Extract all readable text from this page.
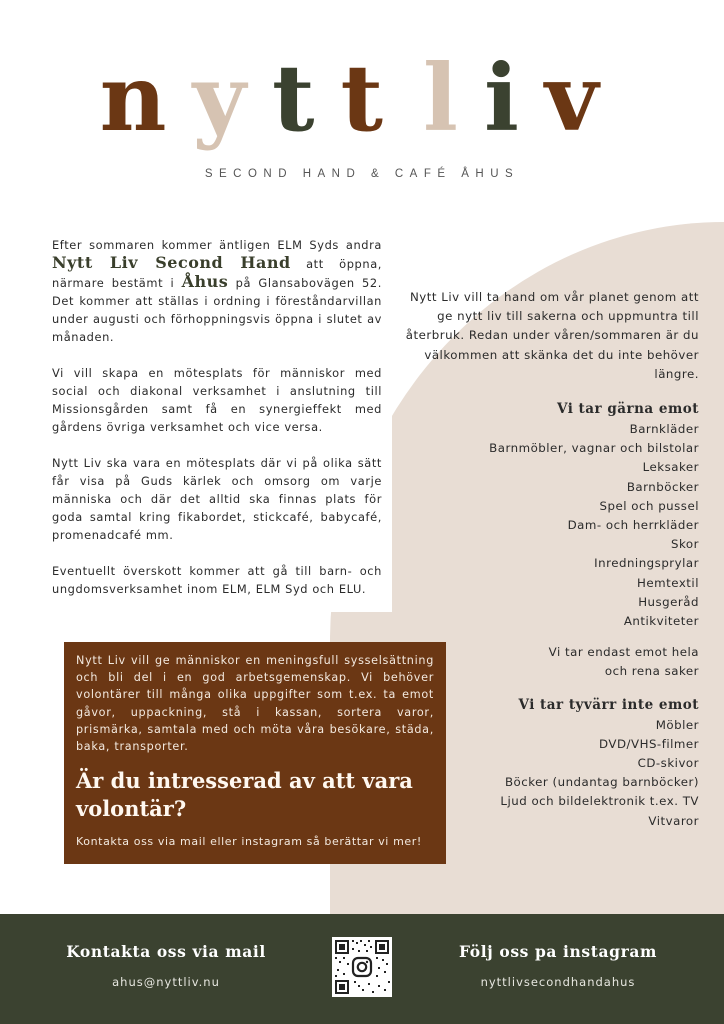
nytt liv
SECOND HAND & CAFÉ ÅHUS

Efter sommaren kommer äntligen ELM Syds andra Nytt Liv Second Hand att öppna, närmare bestämt i Åhus på Glansabovägen 52. Det kommer att ställas i ordning i föreståndarvillan under augusti och förhoppningsvis öppna i slutet av månaden.

Vi vill skapa en mötesplats för människor med social och diakonal verksamhet i anslutning till Missionsgården samt få en synergieffekt med gårdens övriga verksamhet och vice versa.

Nytt Liv ska vara en mötesplats där vi på olika sätt får visa på Guds kärlek och omsorg om varje människa och där det alltid ska finnas plats för goda samtal kring fikabordet, stickcafé, babycafé, promenadcafé mm.

Eventuellt överskott kommer att gå till barn- och ungdomsverksamhet inom ELM, ELM Syd och ELU.

Nytt Liv vill ta hand om vår planet genom att ge nytt liv till sakerna och uppmuntra till återbruk. Redan under våren/sommaren är du välkommen att skänka det du inte behöver längre.

Vi tar gärna emot
Barnkläder
Barnmöbler, vagnar och bilstolar
Leksaker
Barnböcker
Spel och pussel
Dam- och herrkläder
Skor
Inredningsprylar
Hemtextil
Husgeråd
Antikviteter
Vi tar endast emot hela
och rena saker
Vi tar tyvärr inte emot
Möbler
DVD/VHS-filmer
CD-skivor
Böcker (undantag barnböcker)
Ljud och bildelektronik t.ex. TV
Vitvaror

Nytt Liv vill ge människor en meningsfull sysselsättning och bli del i en god arbetsgemenskap. Vi behöver volontärer till många olika uppgifter som t.ex. ta emot gåvor, uppackning, stå i kassan, sortera varor, prismärka, samtala med och möta våra besökare, städa, baka, transporter.

Är du intresserad av att vara volontär?

Kontakta oss via mail eller instagram så berättar vi mer!

Kontakta oss via mail
ahus@nyttliv.nu
Följ oss pa instagram
nyttlivsecondhandahus
